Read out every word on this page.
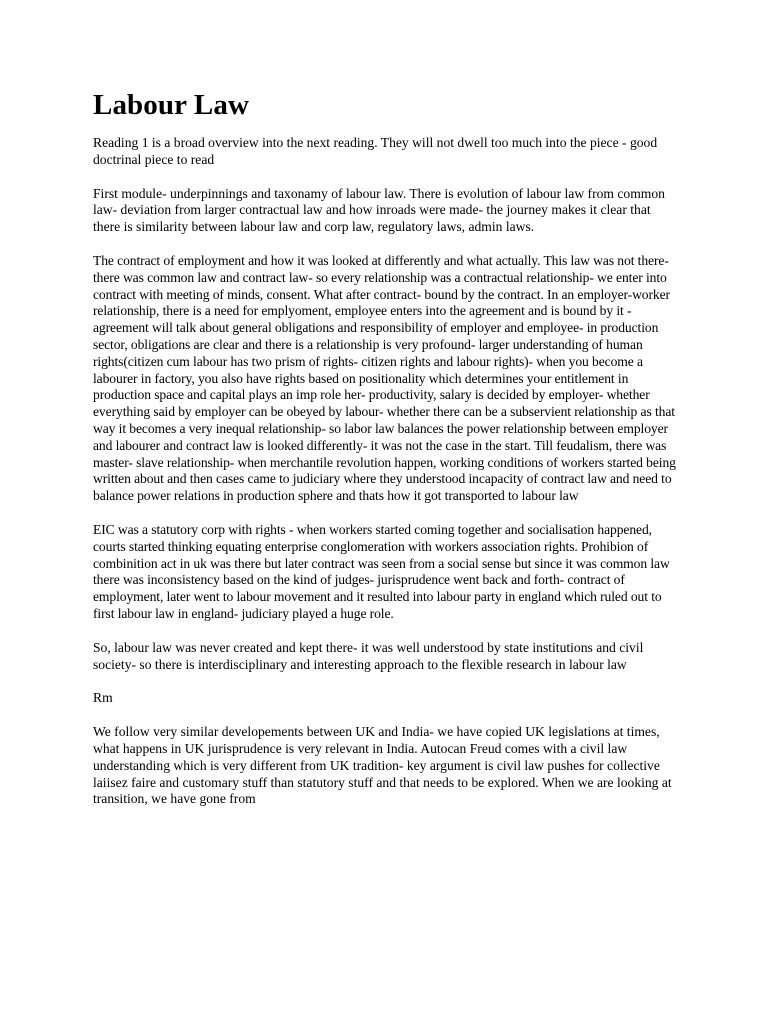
Labour Law

Reading 1 is a broad overview into the next reading. They will not dwell too much into the piece - good doctrinal piece to read

First module- underpinnings and taxonamy of labour law. There is evolution of labour law from common law- deviation from larger contractual law and how inroads were made- the journey makes it clear that there is similarity between labour law and corp law, regulatory laws, admin laws.

The contract of employment and how it was looked at differently and what actually. This law was not there- there was common law and contract law- so every relationship was a contractual relationship- we enter into contract with meeting of minds, consent. What after contract- bound by the contract. In an employer-worker relationship, there is a need for emplyoment, employee enters into the agreement and is bound by it - agreement will talk about general obligations and responsibility of employer and employee- in production sector, obligations are clear and there is a relationship is very profound- larger understanding of human rights(citizen cum labour has two prism of rights- citizen rights and labour rights)- when you become a labourer in factory, you also have rights based on positionality which determines your entitlement in production space and capital plays an imp role her- productivity, salary is decided by employer- whether everything said by employer can be obeyed by labour- whether there can be a subservient relationship as that way it becomes a very inequal relationship- so labor law balances the power relationship between employer and labourer and contract law is looked differently- it was not the case in the start. Till feudalism, there was master- slave relationship- when merchantile revolution happen, working conditions of workers started being written about and then cases came to judiciary where they understood incapacity of contract law and need to balance power relations in production sphere and thats how it got transported to labour law

EIC was a statutory corp with rights - when workers started coming together and socialisation happened, courts started thinking equating enterprise conglomeration with workers association rights. Prohibion of combinition act in uk was there but later contract was seen from a social sense but since it was common law there was inconsistency based on the kind of judges- jurisprudence went back and forth- contract of employment, later went to labour movement and it resulted into labour party in england which ruled out to first labour law in england- judiciary played a huge role.

So, labour law was never created and kept there- it was well understood by state institutions and civil society- so there is interdisciplinary and interesting approach to the flexible research in labour law

Rm

We follow very similar developements between UK and India- we have copied UK legislations at times, what happens in UK jurisprudence is very relevant in India. Autocan Freud comes with a civil law understanding which is very different from UK tradition- key argument is civil law pushes for collective laiisez faire and customary stuff than statutory stuff and that needs to be explored. When we are looking at transition, we have gone from
